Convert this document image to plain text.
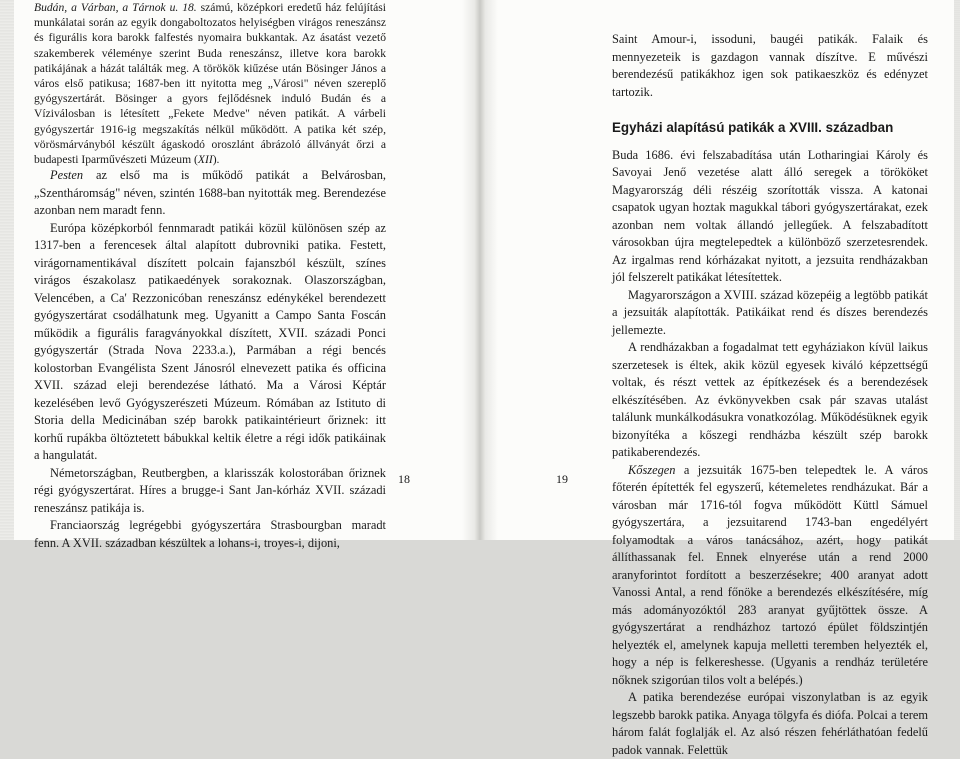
Budán, a Várban, a Tárnok u. 18. számú, középkori eredetű ház felújítási munkálatai során az egyik dongaboltozatos helyiségben virágos reneszánsz és figurális kora barokk falfestés nyomaira bukkantak. Az ásatást vezető szakemberek véleménye szerint Buda reneszánsz, illetve kora barokk patikájának a házát találták meg. A törökök kiűzése után Bösinger János a város első patikusa; 1687-ben itt nyitotta meg „Városi" néven szereplő gyógyszertárát. Bösinger a gyors fejlődésnek induló Budán és a Víziválosban is létesített „Fekete Medve" néven patikát. A várbeli gyógyszertár 1916-ig megszakítás nélkül működött. A patika két szép, vörösmárványból készült ágaskodó oroszlánt ábrázoló állványát őrzi a budapesti Iparművészeti Múzeum (XII).

Pesten az első ma is működő patikát a Belvárosban, „Szentháromság" néven, szintén 1688-ban nyitották meg. Berendezése azonban nem maradt fenn.

Európa középkorból fennmaradt patikái közül különösen szép az 1317-ben a ferencesek által alapított dubrovniki patika. Festett, virágornamentikával díszített polcain fajanszból készült, színes virágos északolasz patikaedények sorakoznak. Olaszországban, Velencében, a Ca' Rezzonicóban reneszánsz edénykékel berendezett gyógyszertárat csodálhatunk meg. Ugyanitt a Campo Santa Foscán működik a figurális faragványokkal díszített, XVII. századi Ponci gyógyszertár (Strada Nova 2233.a.), Parmában a régi bencés kolostorban Evangélista Szent Jánosról elnevezett patika és officina XVII. század eleji berendezése látható. Ma a Városi Képtár kezelésében levő Gyógyszerészeti Múzeum. Rómában az Istituto di Storia della Medicinában szép barokk patikaintérieurt őriznek: itt korhű rupákba öltöztetett bábukkal keltik életre a régi idők patikáinak a hangulatát.

Németországban, Reutbergben, a klarisszák kolostorában őriznek régi gyógyszertárat. Híres a brugge-i Sant Jan-kórház XVII. századi reneszánsz patikája is.

Franciaország legrégebbi gyógyszertára Strasbourgban maradt fenn. A XVII. században készültek a lohans-i, troyes-i, dijoni,

18

Saint Amour-i, issoduni, baugéi patikák. Falaik és mennyezeteik is gazdagon vannak díszítve. E művészi berendezésű patikákhoz igen sok patikaeszköz és edényzet tartozik.

Egyházi alapítású patikák a XVIII. században

Buda 1686. évi felszabadítása után Lotharingiai Károly és Savoyai Jenő vezetése alatt álló seregek a törököket Magyarország déli részéig szorították vissza. A katonai csapatok ugyan hoztak magukkal tábori gyógyszertárakat, ezek azonban nem voltak állandó jellegűek. A felszabadított városokban újra megtelepedtek a különböző szerzetesrendek. Az irgalmas rend kórházakat nyitott, a jezsuita rendházakban jól felszerelt patikákat létesítettek.

Magyarországon a XVIII. század közepéig a legtöbb patikát a jezsuiták alapították. Patikáikat rend és díszes berendezés jellemezte.

A rendházakban a fogadalmat tett egyháziakon kívül laikus szerzetesek is éltek, akik közül egyesek kiváló képzettségű voltak, és részt vettek az építkezések és a berendezések elkészítésében. Az évkönyvekben csak pár szavas utalást találunk munkálkodásukra vonatkozólag. Működésüknek egyik bizonyítéka a kőszegi rendházba készült szép barokk patikaberendezés.

Kőszegen a jezsuiták 1675-ben telepedtek le. A város főterén építették fel egyszerű, kétemeletes rendházukat. Bár a városban már 1716-tól fogva működött Küttl Sámuel gyógyszertára, a jezsuitarend 1743-ban engedélyért folyamodtak a város tanácsához, azért, hogy patikát állíthassanak fel. Ennek elnyerése után a rend 2000 aranyforintot fordított a beszerzésekre; 400 aranyat adott Vanossi Antal, a rend főnöke a berendezés elkészítésére, míg más adományozóktól 283 aranyat gyűjtöttek össze. A gyógyszertárat a rendházhoz tartozó épület földszintjén helyezték el, amelynek kapuja melletti teremben helyezték el, hogy a nép is felkereshesse. (Ugyanis a rendház területére nőknek szigorúan tilos volt a belépés.)

A patika berendezése európai viszonylatban is az egyik legszebb barokk patika. Anyaga tölgyfa és diófa. Polcai a terem három falát foglalják el. Az alsó részen fehérláthatóan fedelű padok vannak. Felettük

19
